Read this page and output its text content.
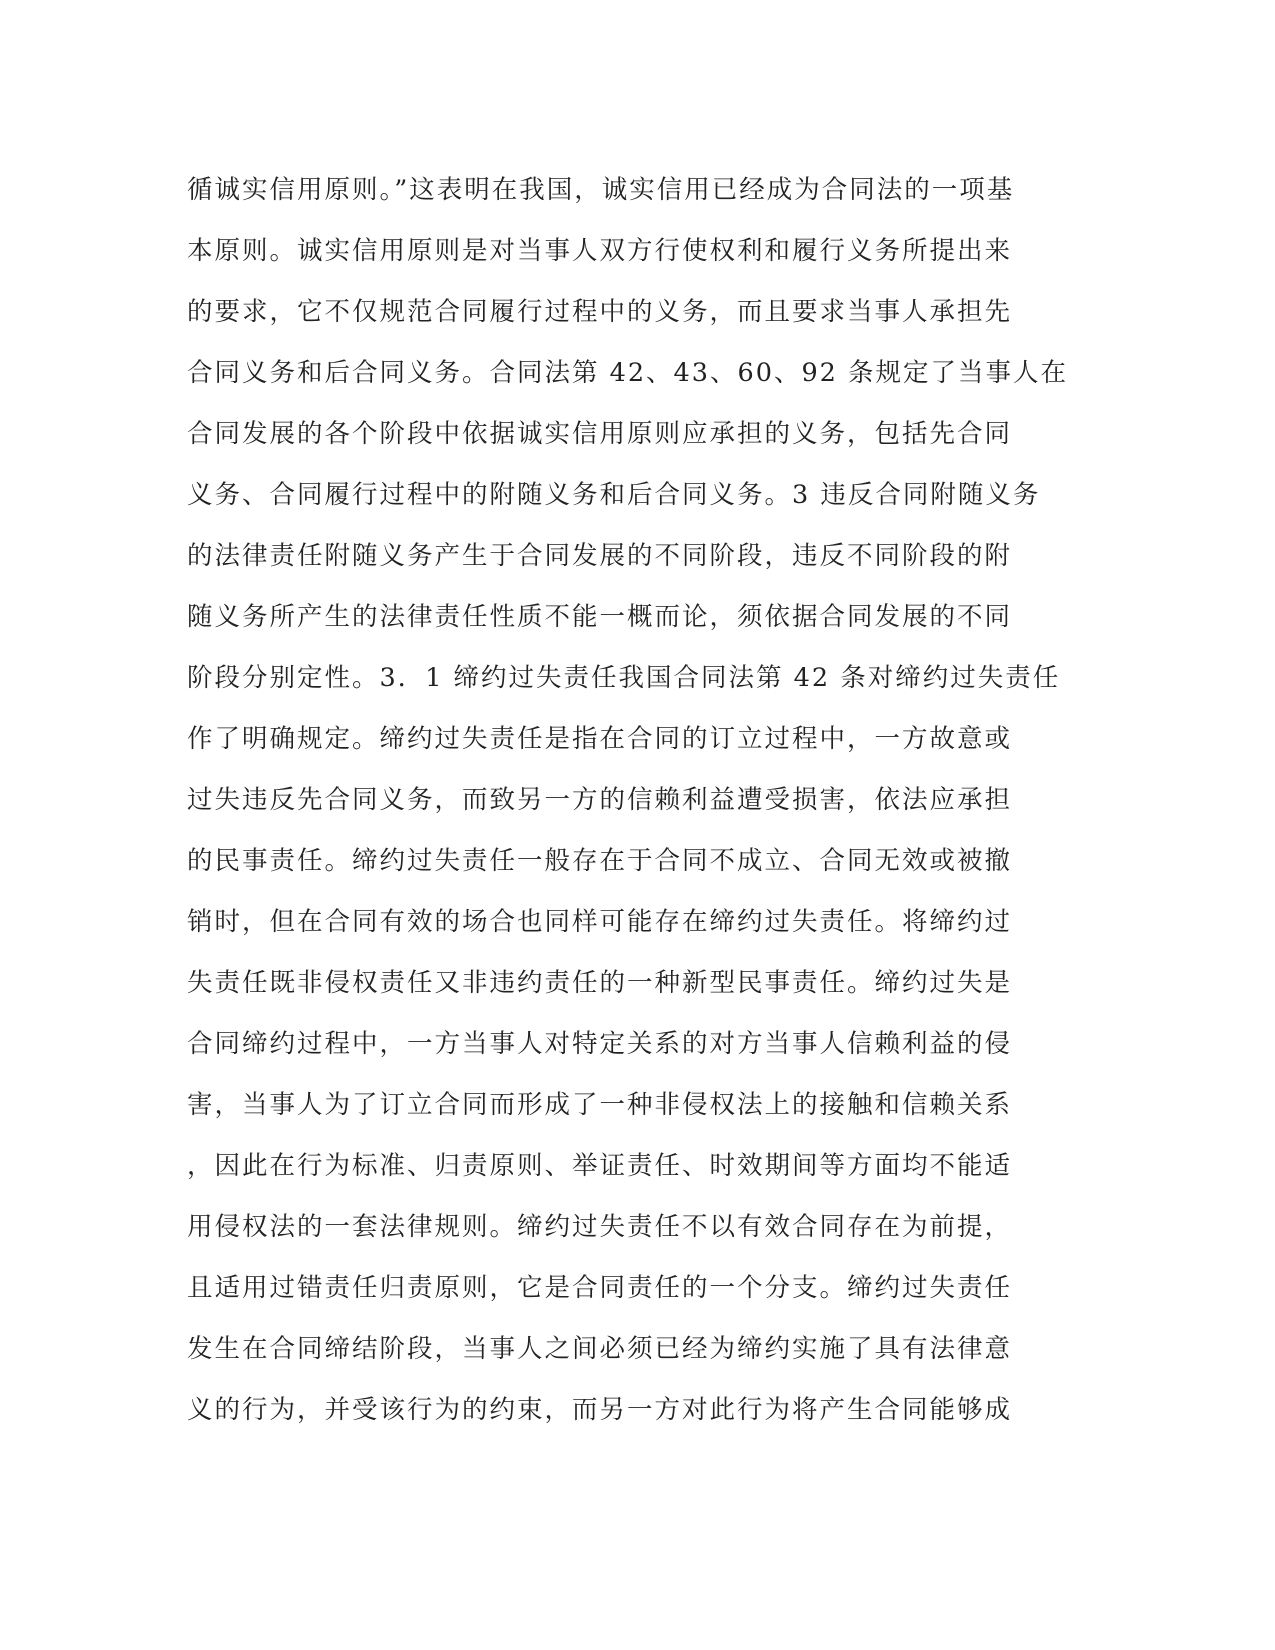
循诚实信用原则。”这表明在我国，诚实信用已经成为合同法的一项基
本原则。诚实信用原则是对当事人双方行使权利和履行义务所提出来
的要求，它不仅规范合同履行过程中的义务，而且要求当事人承担先
合同义务和后合同义务。合同法第 42、43、60、92 条规定了当事人在
合同发展的各个阶段中依据诚实信用原则应承担的义务，包括先合同
义务、合同履行过程中的附随义务和后合同义务。3 违反合同附随义务
的法律责任附随义务产生于合同发展的不同阶段，违反不同阶段的附
随义务所产生的法律责任性质不能一概而论，须依据合同发展的不同
阶段分别定性。3．1 缔约过失责任我国合同法第 42 条对缔约过失责任
作了明确规定。缔约过失责任是指在合同的订立过程中，一方故意或
过失违反先合同义务，而致另一方的信赖利益遭受损害，依法应承担
的民事责任。缔约过失责任一般存在于合同不成立、合同无效或被撤
销时，但在合同有效的场合也同样可能存在缔约过失责任。将缔约过
失责任既非侵权责任又非违约责任的一种新型民事责任。缔约过失是
合同缔约过程中，一方当事人对特定关系的对方当事人信赖利益的侵
害，当事人为了订立合同而形成了一种非侵权法上的接触和信赖关系
，因此在行为标准、归责原则、举证责任、时效期间等方面均不能适
用侵权法的一套法律规则。缔约过失责任不以有效合同存在为前提，
且适用过错责任归责原则，它是合同责任的一个分支。缔约过失责任
发生在合同缔结阶段，当事人之间必须已经为缔约实施了具有法律意
义的行为，并受该行为的约束，而另一方对此行为将产生合同能够成
